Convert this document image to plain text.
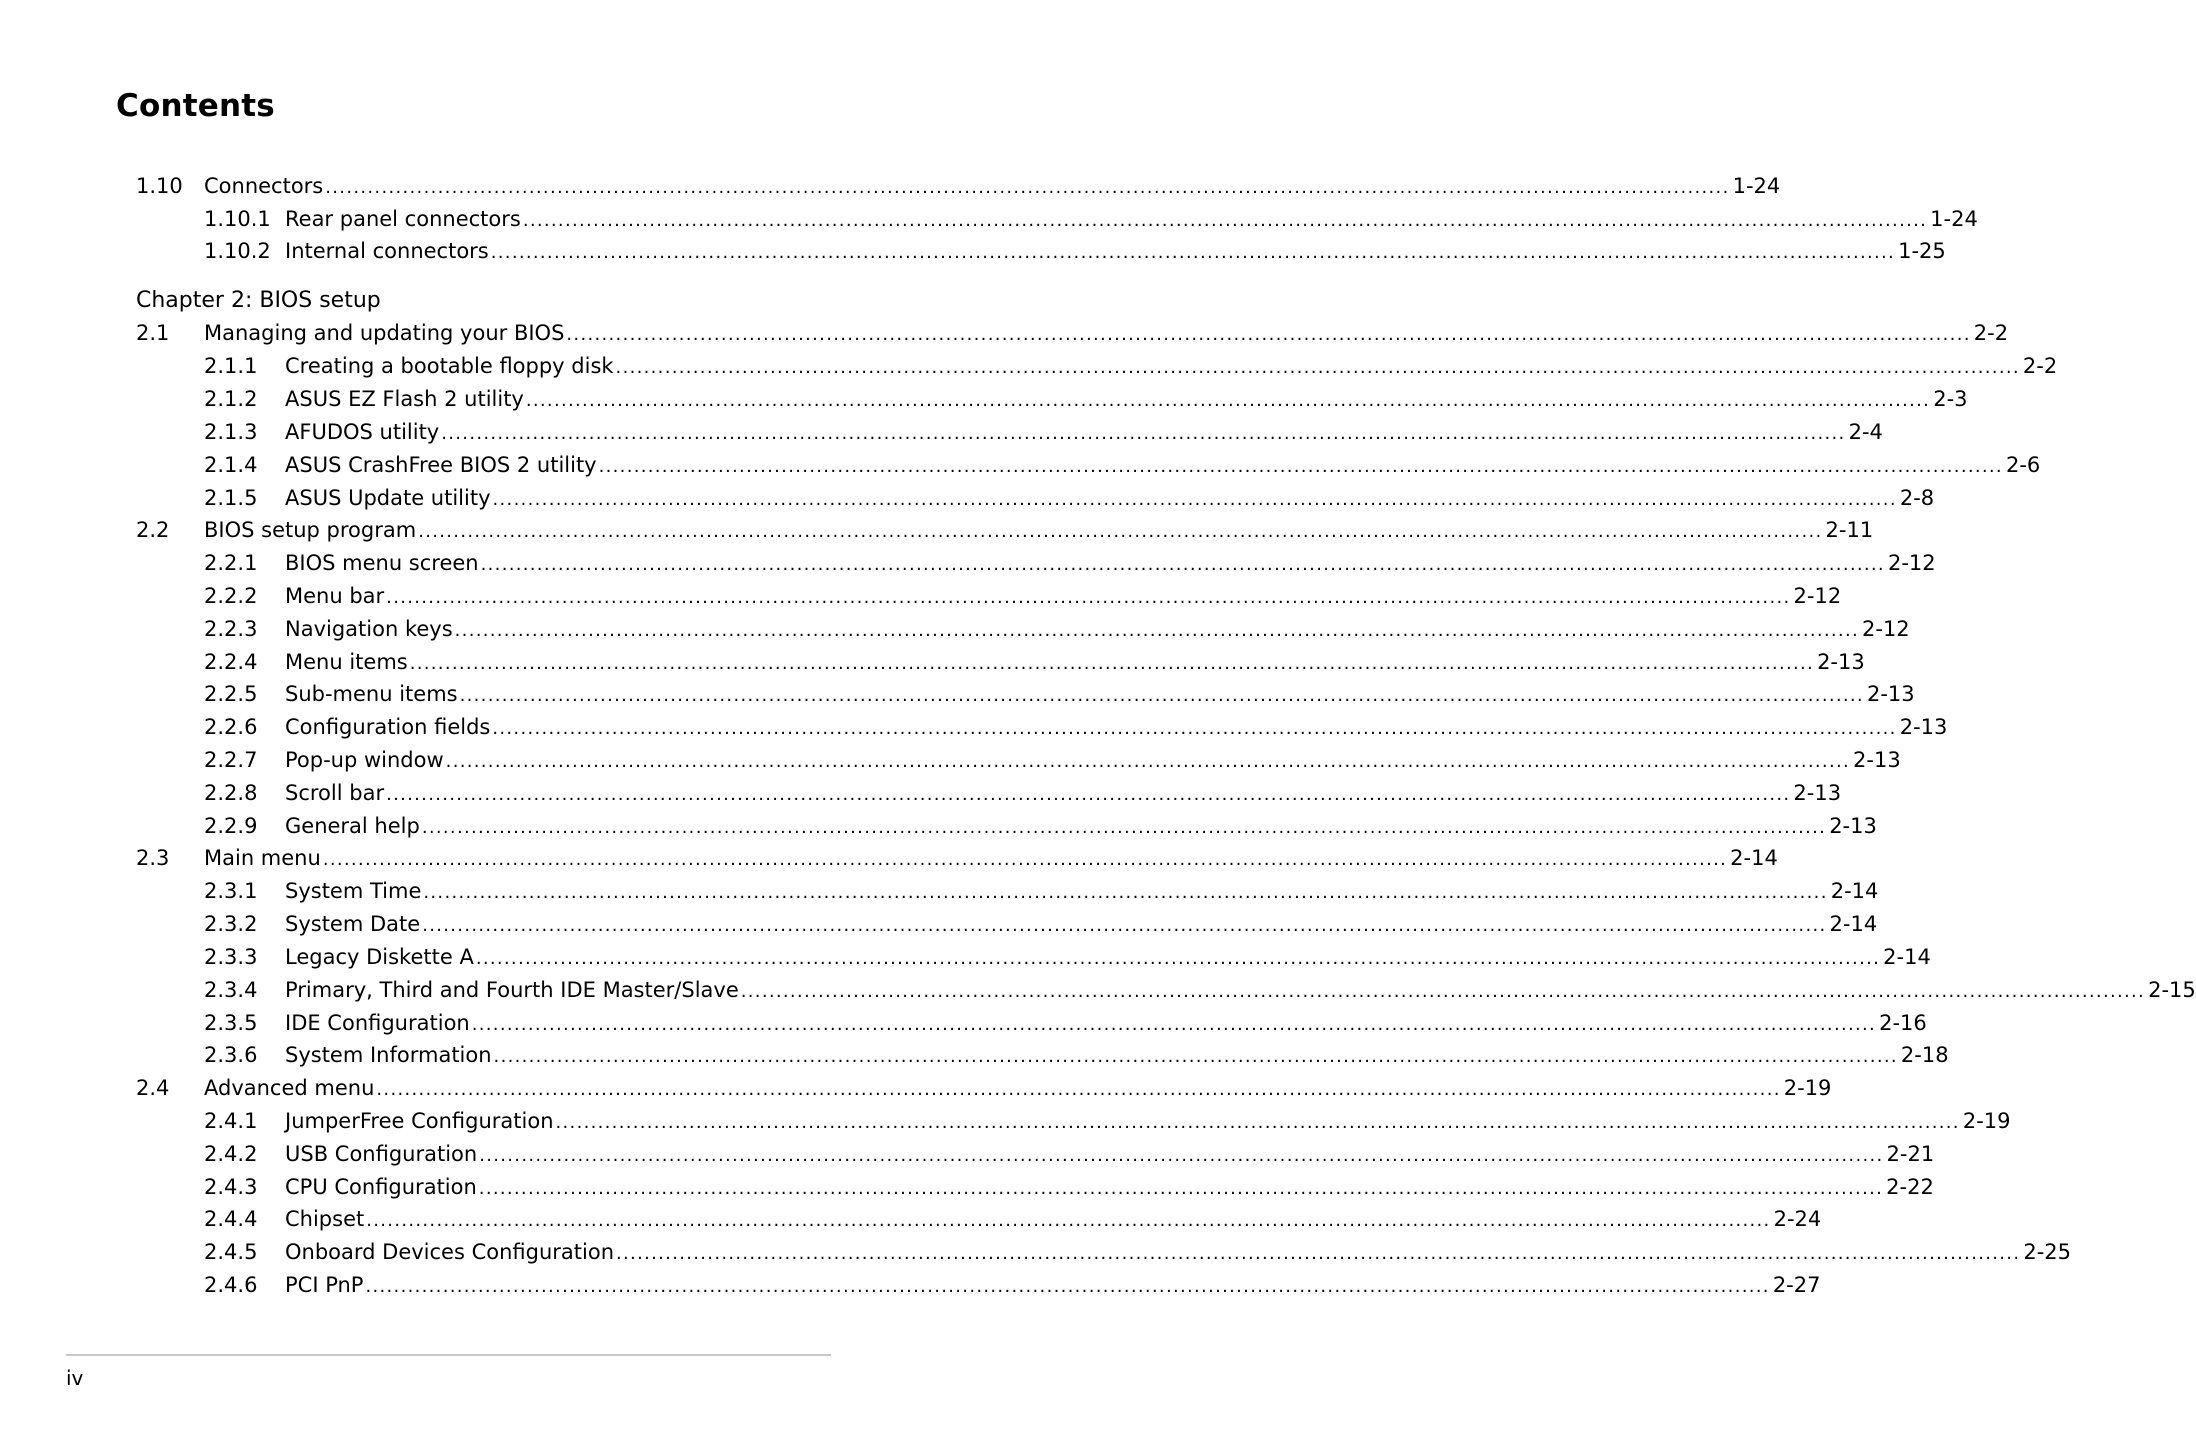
Contents
1.10 Connectors ........................................................................................................................................................................................................ 1-24
1.10.1 Rear panel connectors ........................................................................................................................................................................................................ 1-24
1.10.2 Internal connectors ........................................................................................................................................................................................................ 1-25
2.1 Managing and updating your BIOS ........................................................................................................................................................................................................ 2-2
2.1.1 Creating a bootable floppy disk ........................................................................................................................................................................................................ 2-2
2.1.2 ASUS EZ Flash 2 utility ........................................................................................................................................................................................................ 2-3
2.1.3 AFUDOS utility ........................................................................................................................................................................................................ 2-4
2.1.4 ASUS CrashFree BIOS 2 utility ........................................................................................................................................................................................................ 2-6
2.1.5 ASUS Update utility ........................................................................................................................................................................................................ 2-8
2.2 BIOS setup program ........................................................................................................................................................................................................ 2-11
2.2.1 BIOS menu screen ........................................................................................................................................................................................................ 2-12
2.2.2 Menu bar ........................................................................................................................................................................................................ 2-12
2.2.3 Navigation keys ........................................................................................................................................................................................................ 2-12
2.2.4 Menu items ........................................................................................................................................................................................................ 2-13
2.2.5 Sub-menu items ........................................................................................................................................................................................................ 2-13
2.2.6 Configuration fields ........................................................................................................................................................................................................ 2-13
2.2.7 Pop-up window ........................................................................................................................................................................................................ 2-13
2.2.8 Scroll bar ........................................................................................................................................................................................................ 2-13
2.2.9 General help ........................................................................................................................................................................................................ 2-13
2.3 Main menu ........................................................................................................................................................................................................ 2-14
2.3.1 System Time ........................................................................................................................................................................................................ 2-14
2.3.2 System Date ........................................................................................................................................................................................................ 2-14
2.3.3 Legacy Diskette A ........................................................................................................................................................................................................ 2-14
2.3.4 Primary, Third and Fourth IDE Master/Slave ........................................................................................................................................................................................................ 2-15
2.3.5 IDE Configuration ........................................................................................................................................................................................................ 2-16
2.3.6 System Information ........................................................................................................................................................................................................ 2-18
2.4 Advanced menu ........................................................................................................................................................................................................ 2-19
2.4.1 JumperFree Configuration ........................................................................................................................................................................................................ 2-19
2.4.2 USB Configuration ........................................................................................................................................................................................................ 2-21
2.4.3 CPU Configuration ........................................................................................................................................................................................................ 2-22
2.4.4 Chipset ........................................................................................................................................................................................................ 2-24
2.4.5 Onboard Devices Configuration ........................................................................................................................................................................................................ 2-25
2.4.6 PCI PnP ........................................................................................................................................................................................................ 2-27
Chapter 2: BIOS setup
iv
